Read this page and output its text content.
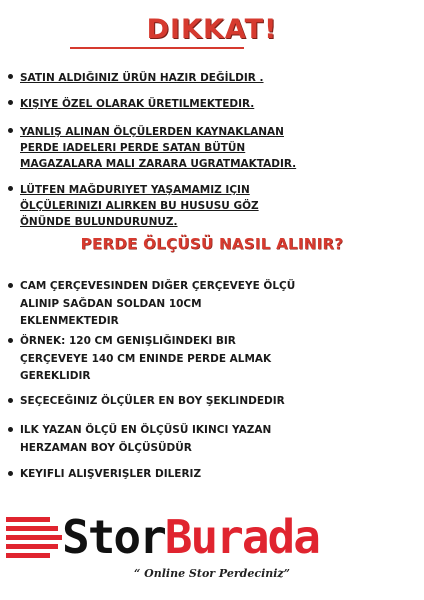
DIKKAT!
SATIN ALDIĞINIZ ÜRÜN HAZIR DEĞİLDIR .
KIŞIYE ÖZEL OLARAK ÜRETILMEKTEDIR.
YANLIŞ ALINAN ÖLÇÜLERDEN KAYNAKLANAN
PERDE IADELERI PERDE SATAN BÜTÜN
MAGAZALARA MALI ZARARA UGRATMAKTADIR.
LÜTFEN MAĞDURIYET YAŞAMAMIZ IÇIN
ÖLÇÜLERINIZI ALIRKEN BU HUSUSU GÖZ
ÖNÜNDE BULUNDURUNUZ.
PERDE ÖLÇÜSÜ NASIL ALINIR?
CAM ÇERÇEVESINDEN DIĞER ÇERÇEVEYE ÖLÇÜ
ALINIP SAĞDAN SOLDAN 10CM
EKLENMEKTEDIR
ÖRNEK: 120 CM GENIŞLIĞINDEKI BIR
ÇERÇEVEYE 140 CM ENINDE PERDE ALMAK
GEREKLIDIR
SEÇECEĞINIZ ÖLÇÜLER EN BOY ŞEKLINDEDIR
ILK YAZAN ÖLÇÜ EN ÖLÇÜSÜ IKINCI YAZAN
HERZAMAN BOY ÖLÇÜSÜDÜR
KEYIFLI ALIŞVERIŞLER DILERIZ
StorBurada
“ Online Stor Perdeciniz”
